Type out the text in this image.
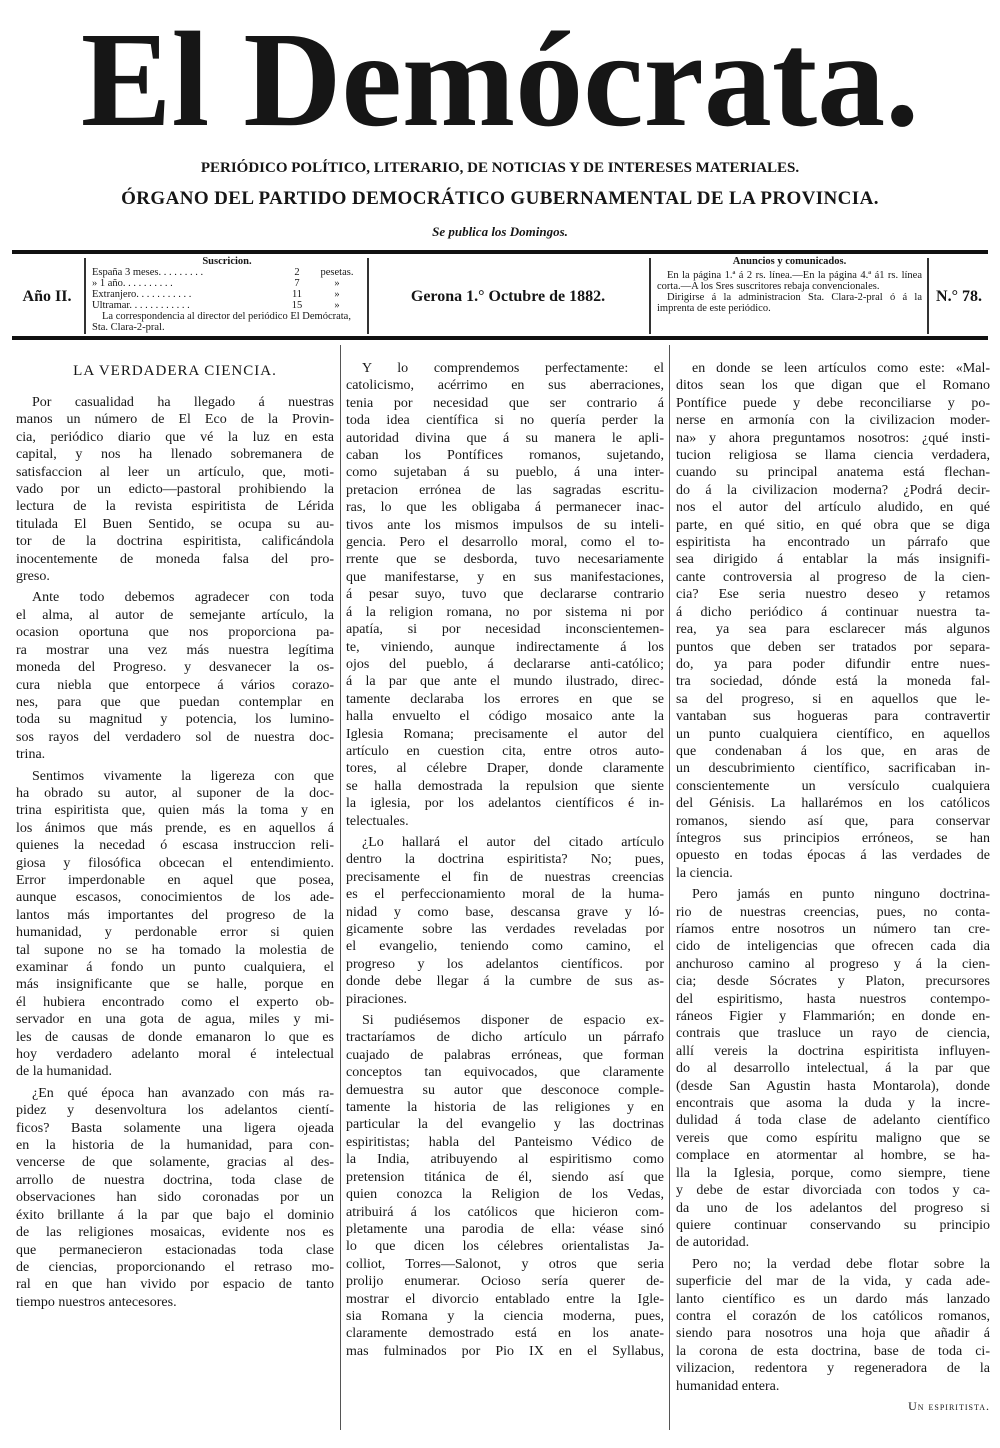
El Demócrata.
PERIÓDICO POLÍTICO, LITERARIO, DE NOTICIAS Y DE INTERESES MATERIALES.
ÓRGANO DEL PARTIDO DEMOCRÁTICO GUBERNAMENTAL DE LA PROVINCIA.
Se publica los Domingos.
Año II.
Suscricion.
España 3 meses. . . . . . . . .	2	pesetas.
» 1 año. . . . . . . . . .	7	»
Extranjero. . . . . . . . . . .	11	»
Ultramar. . . . . . . . . . . .	15	»
La correspondencia al director del periódico El Demócrata, Sta. Clara-2-pral.
Gerona 1.° Octubre de 1882.
Anuncios y comunicados.
En la página 1.ª á 2 rs. línea.—En la página 4.ª á1 rs. línea corta.—A los Sres suscritores rebaja convencionales.
Dirigirse á la administracion Sta. Clara-2-pral ó á la imprenta de este periódico.
N.° 78.
LA VERDADERA CIENCIA.
Por casualidad ha llegado á nuestras
manos un número de El Eco de la Provin-
cia, periódico diario que vé la luz en esta
capital, y nos ha llenado sobremanera de
satisfaccion al leer un artículo, que, moti-
vado por un edicto—pastoral prohibiendo la
lectura de la revista espiritista de Lérida
titulada El Buen Sentido, se ocupa su au-
tor de la doctrina espiritista, calificándola
inocentemente de moneda falsa del pro-
greso.
Ante todo debemos agradecer con toda
el alma, al autor de semejante artículo, la
ocasion oportuna que nos proporciona pa-
ra mostrar una vez más nuestra legítima
moneda del Progreso. y desvanecer la os-
cura niebla que entorpece á vários corazo-
nes, para que que puedan contemplar en
toda su magnitud y potencia, los lumino-
sos rayos del verdadero sol de nuestra doc-
trina.
Sentimos vivamente la ligereza con que
ha obrado su autor, al suponer de la doc-
trina espiritista que, quien más la toma y en
los ánimos que más prende, es en aquellos á
quienes la necedad ó escasa instruccion reli-
giosa y filosófica obcecan el entendimiento.
Error imperdonable en aquel que posea,
aunque escasos, conocimientos de los ade-
lantos más importantes del progreso de la
humanidad, y perdonable error si quien
tal supone no se ha tomado la molestia de
examinar á fondo un punto cualquiera, el
más insignificante que se halle, porque en
él hubiera encontrado como el experto ob-
servador en una gota de agua, miles y mi-
les de causas de donde emanaron lo que es
hoy verdadero adelanto moral é intelectual
de la humanidad.
¿En qué época han avanzado con más ra-
pidez y desenvoltura los adelantos cientí-
ficos? Basta solamente una ligera ojeada
en la historia de la humanidad, para con-
vencerse de que solamente, gracias al des-
arrollo de nuestra doctrina, toda clase de
observaciones han sido coronadas por un
éxito brillante á la par que bajo el dominio
de las religiones mosaicas, evidente nos es
que permanecieron estacionadas toda clase
de ciencias, proporcionando el retraso mo-
ral en que han vivido por espacio de tanto
tiempo nuestros antecesores.
Y lo comprendemos perfectamente: el
catolicismo, acérrimo en sus aberraciones,
tenia por necesidad que ser contrario á
toda idea científica si no quería perder la
autoridad divina que á su manera le apli-
caban los Pontífices romanos, sujetando,
como sujetaban á su pueblo, á una inter-
pretacion errónea de las sagradas escritu-
ras, lo que les obligaba á permanecer inac-
tivos ante los mismos impulsos de su inteli-
gencia. Pero el desarrollo moral, como el to-
rrente que se desborda, tuvo necesariamente
que manifestarse, y en sus manifestaciones,
á pesar suyo, tuvo que declararse contrario
á la religion romana, no por sistema ni por
apatía, si por necesidad inconscientemen-
te, viniendo, aunque indirectamente á los
ojos del pueblo, á declararse anti-católico;
á la par que ante el mundo ilustrado, direc-
tamente declaraba los errores en que se
halla envuelto el código mosaico ante la
Iglesia Romana; precisamente el autor del
artículo en cuestion cita, entre otros auto-
tores, al célebre Draper, donde claramente
se halla demostrada la repulsion que siente
la iglesia, por los adelantos científicos é in-
telectuales.
¿Lo hallará el autor del citado artículo
dentro la doctrina espiritista? No; pues,
precisamente el fin de nuestras creencias
es el perfeccionamiento moral de la huma-
nidad y como base, descansa grave y ló-
gicamente sobre las verdades reveladas por
el evangelio, teniendo como camino, el
progreso y los adelantos científicos. por
donde debe llegar á la cumbre de sus as-
piraciones.
Si pudiésemos disponer de espacio ex-
tractaríamos de dicho artículo un párrafo
cuajado de palabras erróneas, que forman
conceptos tan equivocados, que claramente
demuestra su autor que desconoce comple-
tamente la historia de las religiones y en
particular la del evangelio y las doctrinas
espiritistas; habla del Panteismo Védico de
la India, atribuyendo al espiritismo como
pretension titánica de él, siendo así que
quien conozca la Religion de los Vedas,
atribuirá á los católicos que hicieron com-
pletamente una parodia de ella: véase sinó
lo que dicen los célebres orientalistas Ja-
colliot, Torres—Salonot, y otros que seria
prolijo enumerar. Ocioso sería querer de-
mostrar el divorcio entablado entre la Igle-
sia Romana y la ciencia moderna, pues,
claramente demostrado está en los anate-
mas fulminados por Pio IX en el Syllabus,
en donde se leen artículos como este: «Mal-
ditos sean los que digan que el Romano
Pontífice puede y debe reconciliarse y po-
nerse en armonía con la civilizacion moder-
na» y ahora preguntamos nosotros: ¿qué insti-
tucion religiosa se llama ciencia verdadera,
cuando su principal anatema está flechan-
do á la civilizacion moderna? ¿Podrá decir-
nos el autor del artículo aludido, en qué
parte, en qué sitio, en qué obra que se diga
espiritista ha encontrado un párrafo que
sea dirigido á entablar la más insignifi-
cante controversia al progreso de la cien-
cia? Ese seria nuestro deseo y retamos
á dicho periódico á continuar nuestra ta-
rea, ya sea para esclarecer más algunos
puntos que deben ser tratados por separa-
do, ya para poder difundir entre nues-
tra sociedad, dónde está la moneda fal-
sa del progreso, si en aquellos que le-
vantaban sus hogueras para contravertir
un punto cualquiera científico, en aquellos
que condenaban á los que, en aras de
un descubrimiento científico, sacrificaban in-
conscientemente un versículo cualquiera
del Génisis. La hallarémos en los católicos
romanos, siendo así que, para conservar
íntegros sus principios erróneos, se han
opuesto en todas épocas á las verdades de
la ciencia.
Pero jamás en punto ninguno doctrina-
rio de nuestras creencias, pues, no conta-
ríamos entre nosotros un número tan cre-
cido de inteligencias que ofrecen cada dia
anchuroso camino al progreso y á la cien-
cia; desde Sócrates y Platon, precursores
del espiritismo, hasta nuestros contempo-
ráneos Figier y Flammarión; en donde en-
contrais que trasluce un rayo de ciencia,
allí vereis la doctrina espiritista influyen-
do al desarrollo intelectual, á la par que
(desde San Agustin hasta Montarola), donde
encontrais que asoma la duda y la incre-
dulidad á toda clase de adelanto científico
vereis que como espíritu maligno que se
complace en atormentar al hombre, se ha-
lla la Iglesia, porque, como siempre, tiene
y debe de estar divorciada con todos y ca-
da uno de los adelantos del progreso si
quiere continuar conservando su principio
de autoridad.
Pero no; la verdad debe flotar sobre la
superficie del mar de la vida, y cada ade-
lanto científico es un dardo más lanzado
contra el corazón de los católicos romanos,
siendo para nosotros una hoja que añadir á
la corona de esta doctrina, base de toda ci-
vilizacion, redentora y regeneradora de la
humanidad entera.
Un espiritista.
